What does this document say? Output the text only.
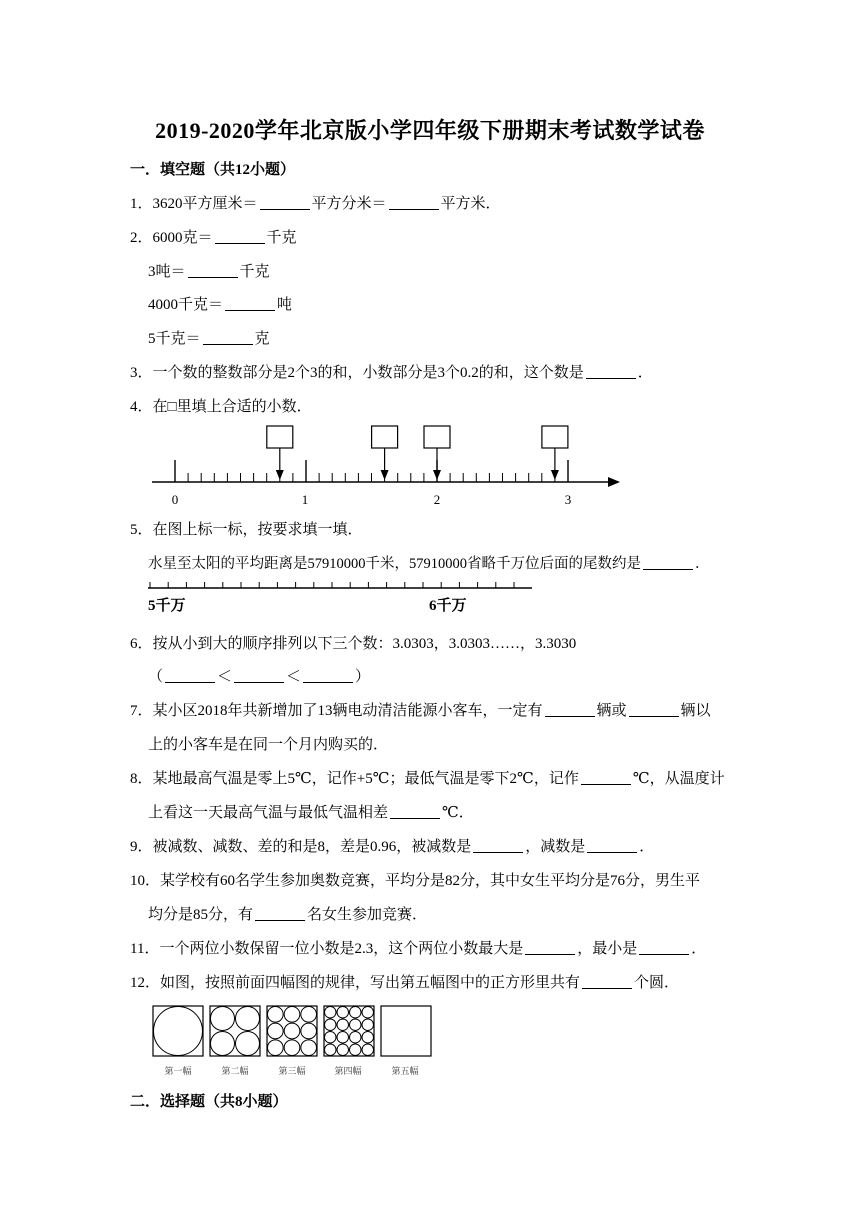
2019-2020学年北京版小学四年级下册期末考试数学试卷
一．填空题（共12小题）
1．3620平方厘米＝	平方分米＝	平方米．
2．6000克＝	千克
3吨＝	千克
4000千克＝	吨
5千克＝	克
3．一个数的整数部分是2个3的和，小数部分是3个0.2的和，这个数是	．
4．在□里填上合适的小数．
0	1	2	3
5．在图上标一标，按要求填一填．
水星至太阳的平均距离是57910000千米，57910000省略千万位后面的尾数约是	．
5千万	6千万
6．按从小到大的顺序排列以下三个数：3.0303，3.0303……，3.3030
（	＜	＜	）
7．某小区2018年共新增加了13辆电动清洁能源小客车，一定有	辆或	辆以
上的小客车是在同一个月内购买的．
8．某地最高气温是零上5℃，记作+5℃；最低气温是零下2℃，记作	℃，从温度计
上看这一天最高气温与最低气温相差	℃．
9．被减数、减数、差的和是8，差是0.96，被减数是	，减数是	．
10．某学校有60名学生参加奥数竞赛，平均分是82分，其中女生平均分是76分，男生平
均分是85分，有	名女生参加竞赛．
11．一个两位小数保留一位小数是2.3，这个两位小数最大是	，最小是	．
12．如图，按照前面四幅图的规律，写出第五幅图中的正方形里共有	个圆．
第一幅	第二幅	第三幅	第四幅	第五幅
二．选择题（共8小题）
